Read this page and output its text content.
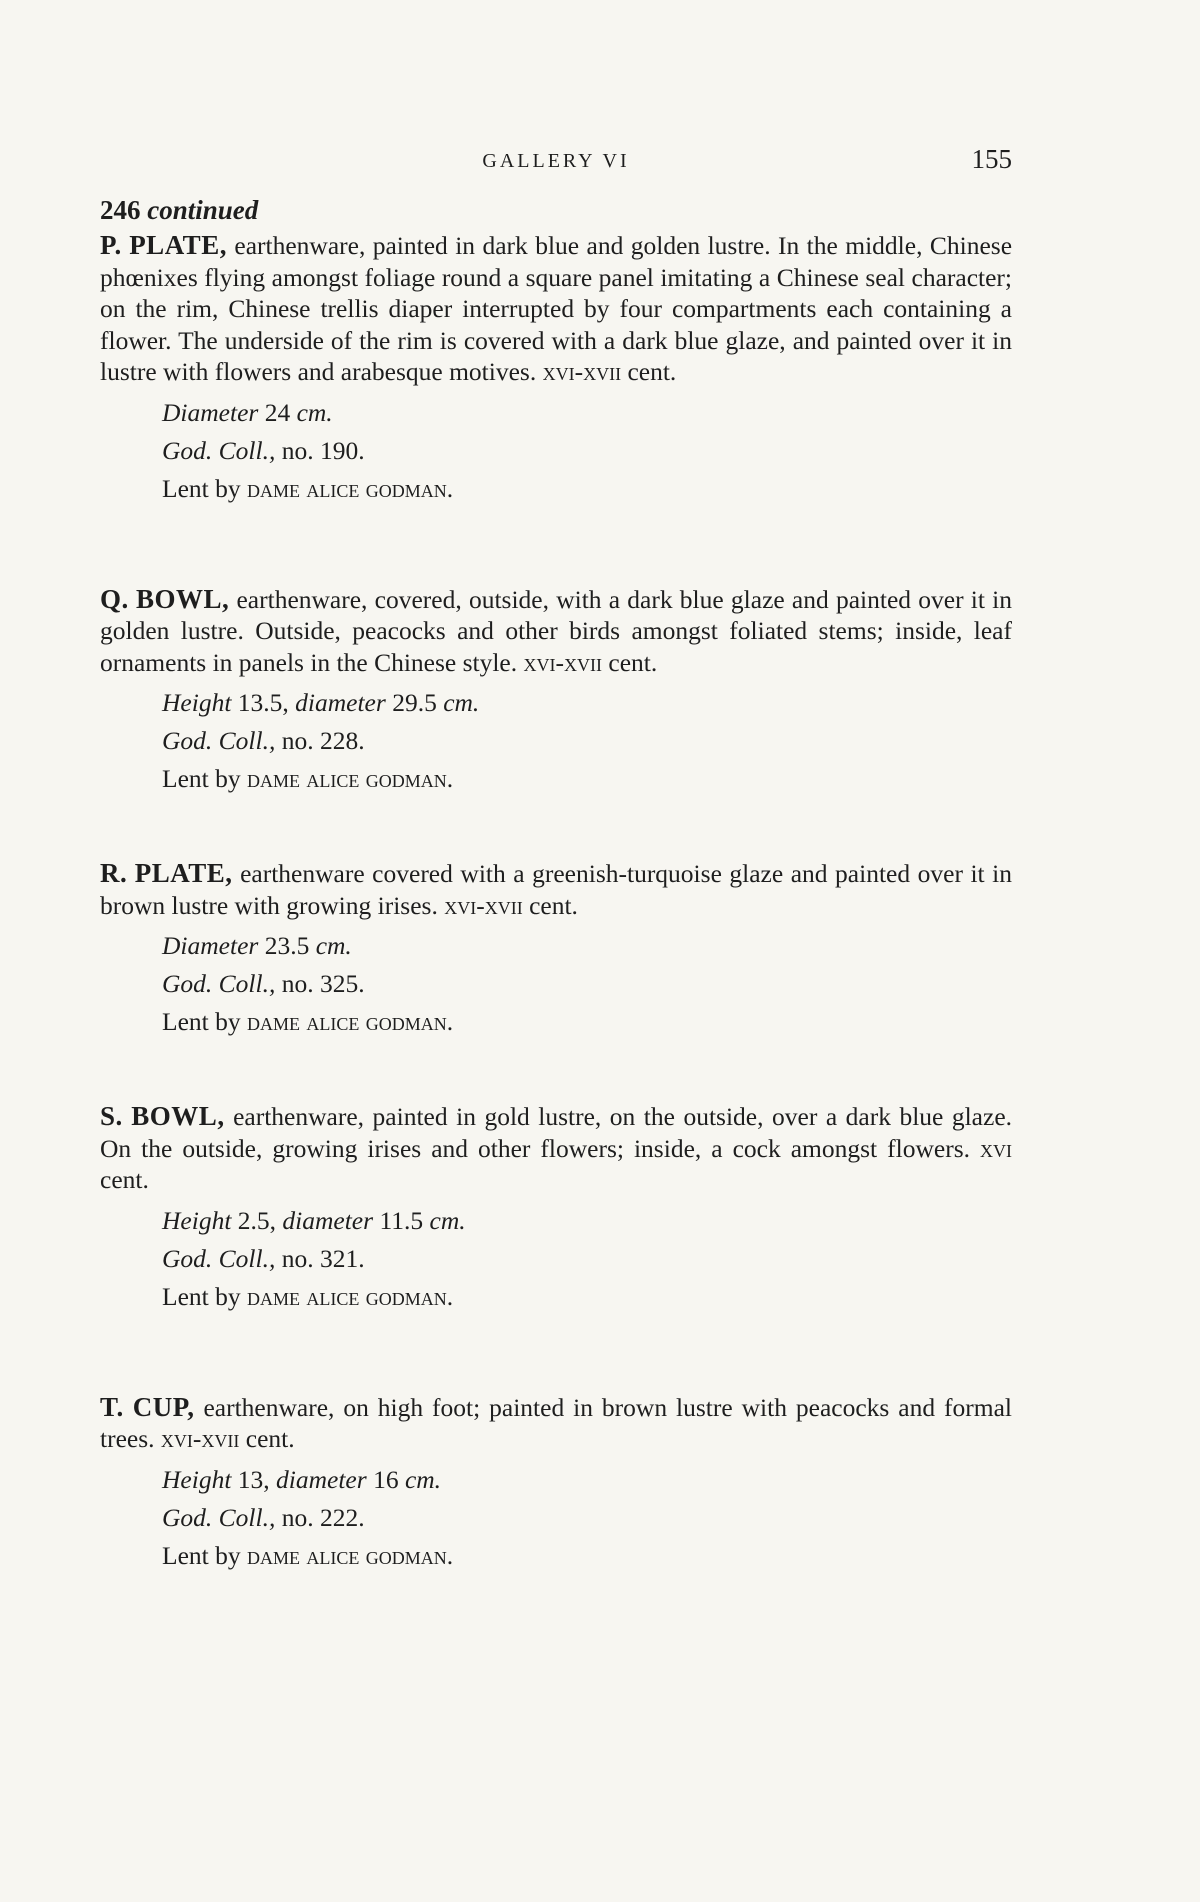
GALLERY VI	155
246 continued

P. PLATE, earthenware, painted in dark blue and golden lustre. In the middle, Chinese phœnixes flying amongst foliage round a square panel imitating a Chinese seal character; on the rim, Chinese trellis diaper interrupted by four compartments each containing a flower. The underside of the rim is covered with a dark blue glaze, and painted over it in lustre with flowers and arabesque motives. xvi-xvii cent.

Diameter 24 cm.
God. Coll., no. 190.
Lent by dame alice godman.

Q. BOWL, earthenware, covered, outside, with a dark blue glaze and painted over it in golden lustre. Outside, peacocks and other birds amongst foliated stems; inside, leaf ornaments in panels in the Chinese style. xvi-xvii cent.

Height 13.5, diameter 29.5 cm.
God. Coll., no. 228.
Lent by dame alice godman.

R. PLATE, earthenware covered with a greenish-turquoise glaze and painted over it in brown lustre with growing irises. xvi-xvii cent.

Diameter 23.5 cm.
God. Coll., no. 325.
Lent by dame alice godman.

S. BOWL, earthenware, painted in gold lustre, on the outside, over a dark blue glaze. On the outside, growing irises and other flowers; inside, a cock amongst flowers. xvi cent.

Height 2.5, diameter 11.5 cm.
God. Coll., no. 321.
Lent by dame alice godman.

T. CUP, earthenware, on high foot; painted in brown lustre with peacocks and formal trees. xvi-xvii cent.

Height 13, diameter 16 cm.
God. Coll., no. 222.
Lent by dame alice godman.
